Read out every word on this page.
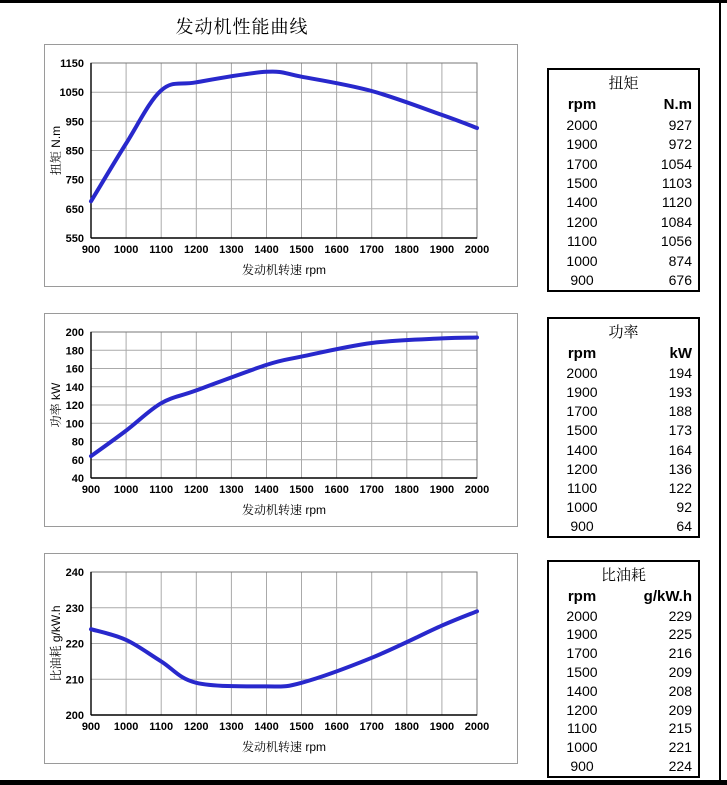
发动机性能曲线
900 1000 1100 1200 1300 1400 1500 1600 1700 1800 1900 2000
550
650
750
850
950
1050
1150
发动机转速 rpm
扭矩 N.m
900 1000 1100 1200 1300 1400 1500 1600 1700 1800 1900 2000
40
60
80
100
120
140
160
180
200
发动机转速 rpm
功率 kW
900 1000 1100 1200 1300 1400 1500 1600 1700 1800 1900 2000
200
210
220
230
240
发动机转速 rpm
比油耗 g/kW.h
扭矩
rpm	N.m
2000	927
1900	972
1700	1054
1500	1103
1400	1120
1200	1084
1100	1056
1000	874
900	676
功率
rpm	kW
2000	194
1900	193
1700	188
1500	173
1400	164
1200	136
1100	122
1000	92
900	64
比油耗
rpm	g/kW.h
2000	229
1900	225
1700	216
1500	209
1400	208
1200	209
1100	215
1000	221
900	224
